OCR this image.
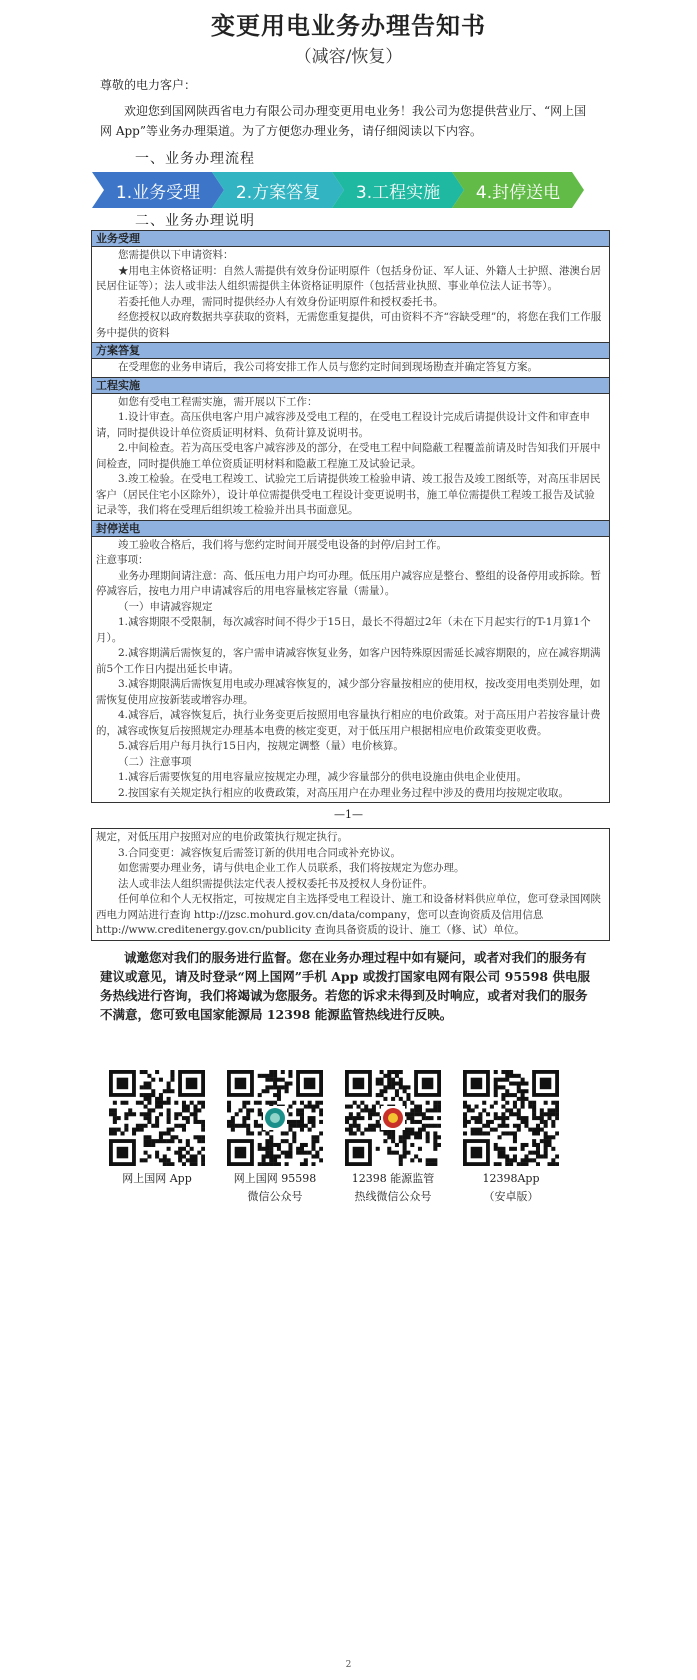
变更用电业务办理告知书
（减容/恢复）
尊敬的电力客户：
欢迎您到国网陕西省电力有限公司办理变更用电业务！我公司为您提供营业厅、“网上国网 App”等业务办理渠道。为了方便您办理业务，请仔细阅读以下内容。
一、业务办理流程
1.业务受理 2.方案答复 3.工程实施 4.封停送电
二、业务办理说明
业务受理

您需提供以下申请资料：

★用电主体资格证明：自然人需提供有效身份证明原件（包括身份证、军人证、外籍人士护照、港澳台居民居住证等）；法人或非法人组织需提供主体资格证明原件（包括营业执照、事业单位法人证书等）。

若委托他人办理，需同时提供经办人有效身份证明原件和授权委托书。

经您授权以政府数据共享获取的资料，无需您重复提供，可由资料不齐“容缺受理”的，将您在我们工作服务中提供的资料

方案答复

在受理您的业务申请后，我公司将安排工作人员与您约定时间到现场勘查并确定答复方案。

工程实施

如您有受电工程需实施，需开展以下工作：

1.设计审查。高压供电客户用户减容涉及受电工程的，在受电工程设计完成后请提供设计文件和审查申请，同时提供设计单位资质证明材料、负荷计算及说明书。

2.中间检查。若为高压受电客户减容涉及的部分，在受电工程中间隐蔽工程覆盖前请及时告知我们开展中间检查，同时提供施工单位资质证明材料和隐蔽工程施工及试验记录。

3.竣工检验。在受电工程竣工、试验完工后请提供竣工检验申请、竣工报告及竣工图纸等，对高压非居民客户（居民住宅小区除外），设计单位需提供受电工程设计变更说明书，施工单位需提供工程竣工报告及试验记录等，我们将在受理后组织竣工检验并出具书面意见。

封停送电

竣工验收合格后，我们将与您约定时间开展受电设备的封停/启封工作。

注意事项：

业务办理期间请注意：高、低压电力用户均可办理。低压用户减容应是整台、整组的设备停用或拆除。暂停减容后，按电力用户申请减容后的用电容量核定容量（需量）。

（一）申请减容规定

1.减容期限不受限制，每次减容时间不得少于15日，最长不得超过2年（未在下月起实行的T-1月算1个月）。

2.减容期满后需恢复的，客户需申请减容恢复业务，如客户因特殊原因需延长减容期限的，应在减容期满前5个工作日内提出延长申请。

3.减容期限满后需恢复用电或办理减容恢复的，减少部分容量按相应的使用权，按改变用电类别处理，如需恢复使用应按新装或增容办理。

4.减容后，减容恢复后，执行业务变更后按照用电容量执行相应的电价政策。对于高压用户若按容量计费的，减容或恢复后按照规定办理基本电费的核定变更，对于低压用户根据相应电价政策变更收费。

5.减容后用户每月执行15日内，按规定调整（量）电价核算。

（二）注意事项

1.减容后需要恢复的用电容量应按规定办理，减少容量部分的供电设施由供电企业使用。

2.按国家有关规定执行相应的收费政策，对高压用户在办理业务过程中涉及的费用均按规定收取。

—1—

规定，对低压用户按照对应的电价政策执行规定执行。

3.合同变更：减容恢复后需签订新的供用电合同或补充协议。

如您需要办理业务，请与供电企业工作人员联系，我们将按规定为您办理。

法人或非法人组织需提供法定代表人授权委托书及授权人身份证件。

任何单位和个人无权指定，可按规定自主选择受电工程设计、施工和设备材料供应单位，您可登录国网陕西电力网站进行查询 http://jzsc.mohurd.gov.cn/data/company，您可以查询资质及信用信息 http://www.creditenergy.gov.cn/publicity 查询具备资质的设计、施工（修、试）单位。

诚邀您对我们的服务进行监督。您在业务办理过程中如有疑问，或者对我们的服务有建议或意见，请及时登录“网上国网”手机 App 或拨打国家电网有限公司 95598 供电服务热线进行咨询，我们将竭诚为您服务。若您的诉求未得到及时响应，或者对我们的服务不满意，您可致电国家能源局 12398 能源监管热线进行反映。
网上国网 App	网上国网 95598
微信公众号
12398 能源监管
热线微信公众号
12398App
（安卓版）
2
